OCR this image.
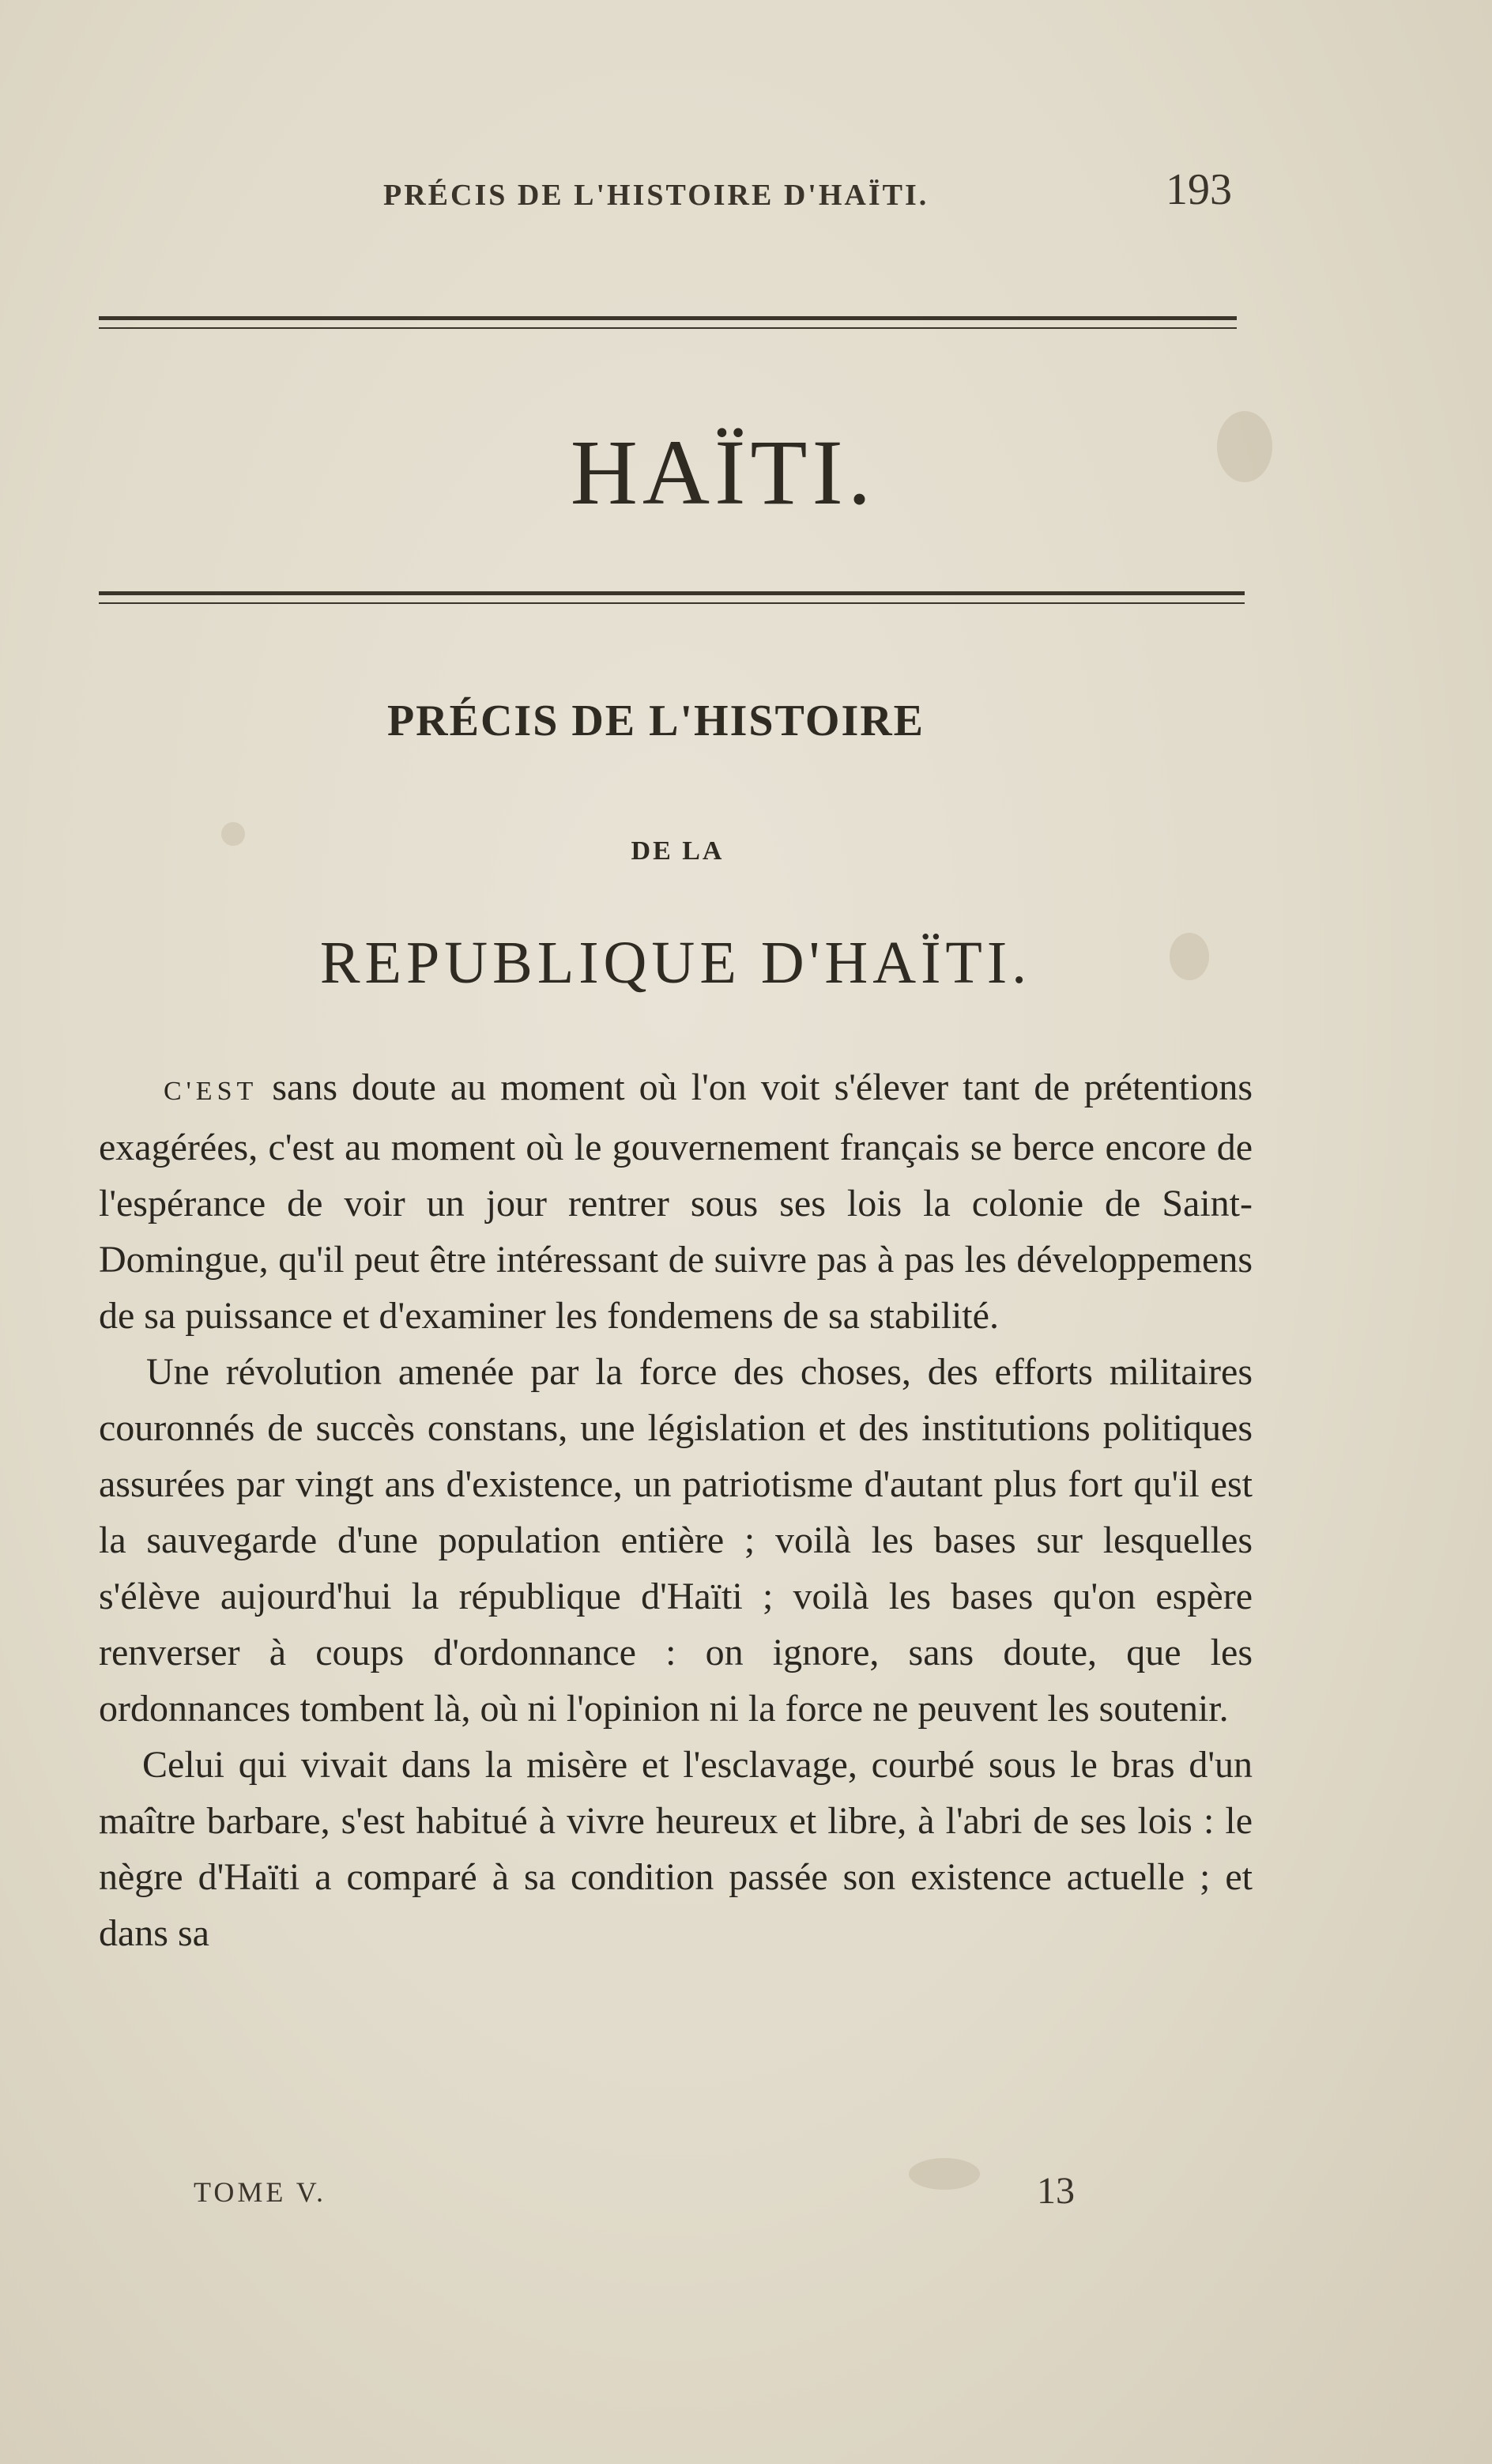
PRÉCIS DE L'HISTOIRE D'HAÏTI.	193
HAÏTI.
PRÉCIS DE L'HISTOIRE
DE LA
REPUBLIQUE D'HAÏTI.

C'EST sans doute au moment où l'on voit s'élever tant de prétentions exagérées, c'est au moment où le gouvernement français se berce encore de l'espérance de voir un jour rentrer sous ses lois la colonie de Saint-Domingue, qu'il peut être intéressant de suivre pas à pas les développemens de sa puissance et d'examiner les fondemens de sa stabilité.

Une révolution amenée par la force des choses, des efforts militaires couronnés de succès constans, une législation et des institutions politiques assurées par vingt ans d'existence, un patriotisme d'autant plus fort qu'il est la sauvegarde d'une population entière ; voilà les bases sur lesquelles s'élève aujourd'hui la république d'Haïti ; voilà les bases qu'on espère renverser à coups d'ordonnance : on ignore, sans doute, que les ordonnances tombent là, où ni l'opinion ni la force ne peuvent les soutenir.

Celui qui vivait dans la misère et l'esclavage, courbé sous le bras d'un maître barbare, s'est habitué à vivre heureux et libre, à l'abri de ses lois : le nègre d'Haïti a comparé à sa condition passée son existence actuelle ; et dans sa

TOME V.	13
